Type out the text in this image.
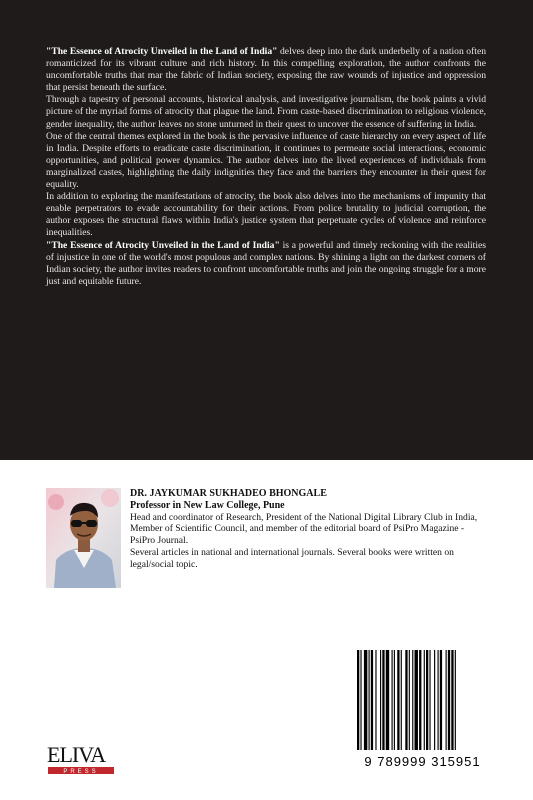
"The Essence of Atrocity Unveiled in the Land of India" delves deep into the dark underbelly of a nation often romanticized for its vibrant culture and rich history. In this compelling exploration, the author confronts the uncomfortable truths that mar the fabric of Indian society, exposing the raw wounds of injustice and oppression that persist beneath the surface.

Through a tapestry of personal accounts, historical analysis, and investigative journalism, the book paints a vivid picture of the myriad forms of atrocity that plague the land. From caste-based discrimination to religious violence, gender inequality, the author leaves no stone unturned in their quest to uncover the essence of suffering in India.

One of the central themes explored in the book is the pervasive influence of caste hierarchy on every aspect of life in India. Despite efforts to eradicate caste discrimination, it continues to permeate social interactions, economic opportunities, and political power dynamics. The author delves into the lived experiences of individuals from marginalized castes, highlighting the daily indignities they face and the barriers they encounter in their quest for equality.

In addition to exploring the manifestations of atrocity, the book also delves into the mechanisms of impunity that enable perpetrators to evade accountability for their actions. From police brutality to judicial corruption, the author exposes the structural flaws within India's justice system that perpetuate cycles of violence and reinforce inequalities.

"The Essence of Atrocity Unveiled in the Land of India" is a powerful and timely reckoning with the realities of injustice in one of the world's most populous and complex nations. By shining a light on the darkest corners of Indian society, the author invites readers to confront uncomfortable truths and join the ongoing struggle for a more just and equitable future.

DR. JAYKUMAR SUKHADEO BHONGALE
Professor in New Law College, Pune

Head and coordinator of Research, President of the National Digital Library Club in India, Member of Scientific Council, and member of the editorial board of PsiPro Magazine - PsiPro Journal.

Several articles in national and international journals. Several books were written on legal/social topic.

9 789999 315951
ELIVA
PRESS
